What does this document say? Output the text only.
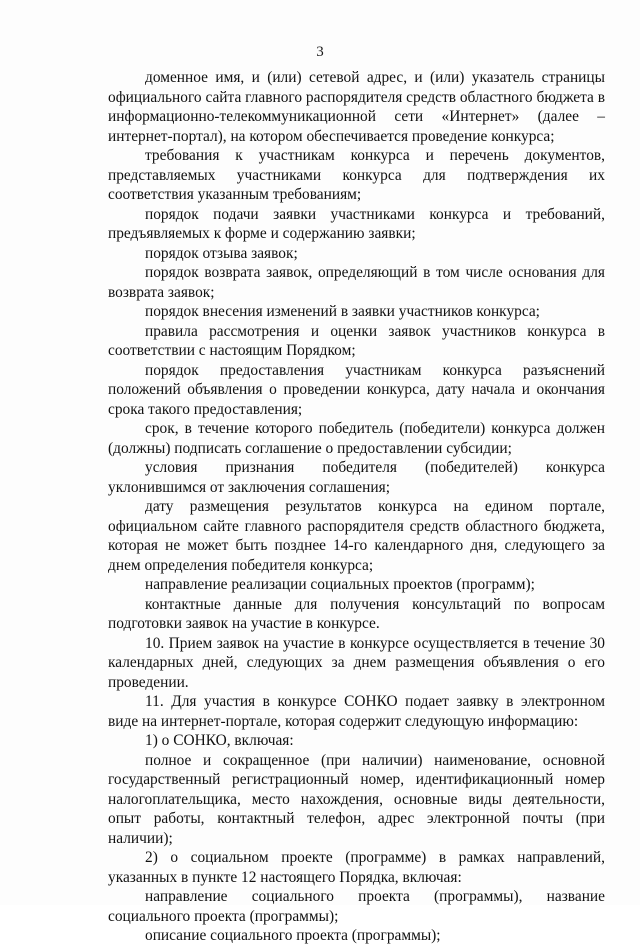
3

доменное имя, и (или) сетевой адрес, и (или) указатель страницы официального сайта главного распорядителя средств областного бюджета в информационно-телекоммуникационной сети «Интернет» (далее – интернет-портал), на котором обеспечивается проведение конкурса;

требования к участникам конкурса и перечень документов, представляемых участниками конкурса для подтверждения их соответствия указанным требованиям;

порядок подачи заявки участниками конкурса и требований, предъявляемых к форме и содержанию заявки;

порядок отзыва заявок;

порядок возврата заявок, определяющий в том числе основания для возврата заявок;

порядок внесения изменений в заявки участников конкурса;

правила рассмотрения и оценки заявок участников конкурса в соответствии с настоящим Порядком;

порядок предоставления участникам конкурса разъяснений положений объявления о проведении конкурса, дату начала и окончания срока такого предоставления;

срок, в течение которого победитель (победители) конкурса должен (должны) подписать соглашение о предоставлении субсидии;

условия признания победителя (победителей) конкурса уклонившимся от заключения соглашения;

дату размещения результатов конкурса на едином портале, официальном сайте главного распорядителя средств областного бюджета, которая не может быть позднее 14-го календарного дня, следующего за днем определения победителя конкурса;

направление реализации социальных проектов (программ);

контактные данные для получения консультаций по вопросам подготовки заявок на участие в конкурсе.

10. Прием заявок на участие в конкурсе осуществляется в течение 30 календарных дней, следующих за днем размещения объявления о его проведении.

11. Для участия в конкурсе СОНКО подает заявку в электронном виде на интернет-портале, которая содержит следующую информацию:

1) о СОНКО, включая:

полное и сокращенное (при наличии) наименование, основной государственный регистрационный номер, идентификационный номер налогоплательщика, место нахождения, основные виды деятельности, опыт работы, контактный телефон, адрес электронной почты (при наличии);

2) о социальном проекте (программе) в рамках направлений, указанных в пункте 12 настоящего Порядка, включая:

направление социального проекта (программы), название социального проекта (программы);

описание социального проекта (программы);
